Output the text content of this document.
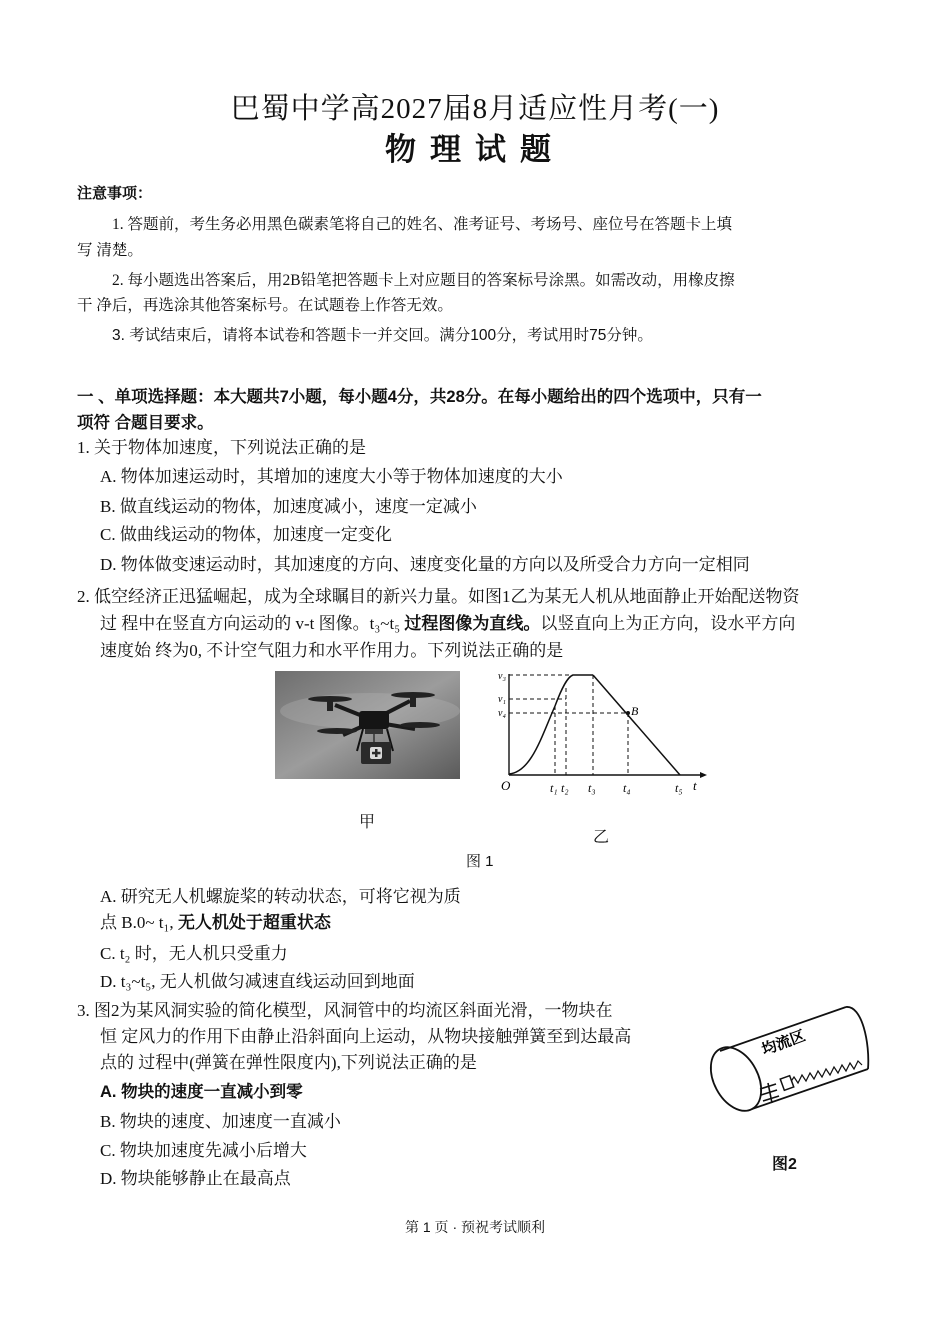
巴蜀中学高2027届8月适应性月考(一)
物理试题
注意事项：
1. 答题前，考生务必用黑色碳素笔将自己的姓名、准考证号、考场号、座位号在答题卡上填
写 清楚。
2. 每小题选出答案后，用2B铅笔把答题卡上对应题目的答案标号涂黑。如需改动，用橡皮擦
干 净后，再选涂其他答案标号。在试题卷上作答无效。
3. 考试结束后，请将本试卷和答题卡一并交回。满分100分，考试用时75分钟。
一 、单项选择题：本大题共7小题，每小题4分，共28分。在每小题给出的四个选项中，只有一
项符 合题目要求。
1. 关于物体加速度，下列说法正确的是
A. 物体加速运动时，其增加的速度大小等于物体加速度的大小
B. 做直线运动的物体，加速度减小，速度一定减小
C. 做曲线运动的物体，加速度一定变化
D. 物体做变速运动时，其加速度的方向、速度变化量的方向以及所受合力方向一定相同
2. 低空经济正迅猛崛起，成为全球瞩目的新兴力量。如图1乙为某无人机从地面静止开始配送物资
过 程中在竖直方向运动的 v-t 图像。t₃~t₅ 过程图像为直线。以竖直向上为正方向，设水平方向
速度始 终为0, 不计空气阻力和水平作用力。下列说法正确的是
甲
v₃
v₁
v₄	B
O	t₁ t₂ t₃ t₄	t₅ t
乙
图 1
A. 研究无人机螺旋桨的转动状态，可将它视为质
点 B.0~ t₁, 无人机处于超重状态
C. t₂ 时，无人机只受重力
D. t₃~t₅, 无人机做匀减速直线运动回到地面
3. 图2为某风洞实验的简化模型，风洞管中的均流区斜面光滑，一物块在
恒 定风力的作用下由静止沿斜面向上运动，从物块接触弹簧至到达最高
点的 过程中(弹簧在弹性限度内),下列说法正确的是
A. 物块的速度一直减小到零
B. 物块的速度、加速度一直减小
C. 物块加速度先减小后增大
D. 物块能够静止在最高点
均流区
图2
第 1 页 · 预祝考试顺利
